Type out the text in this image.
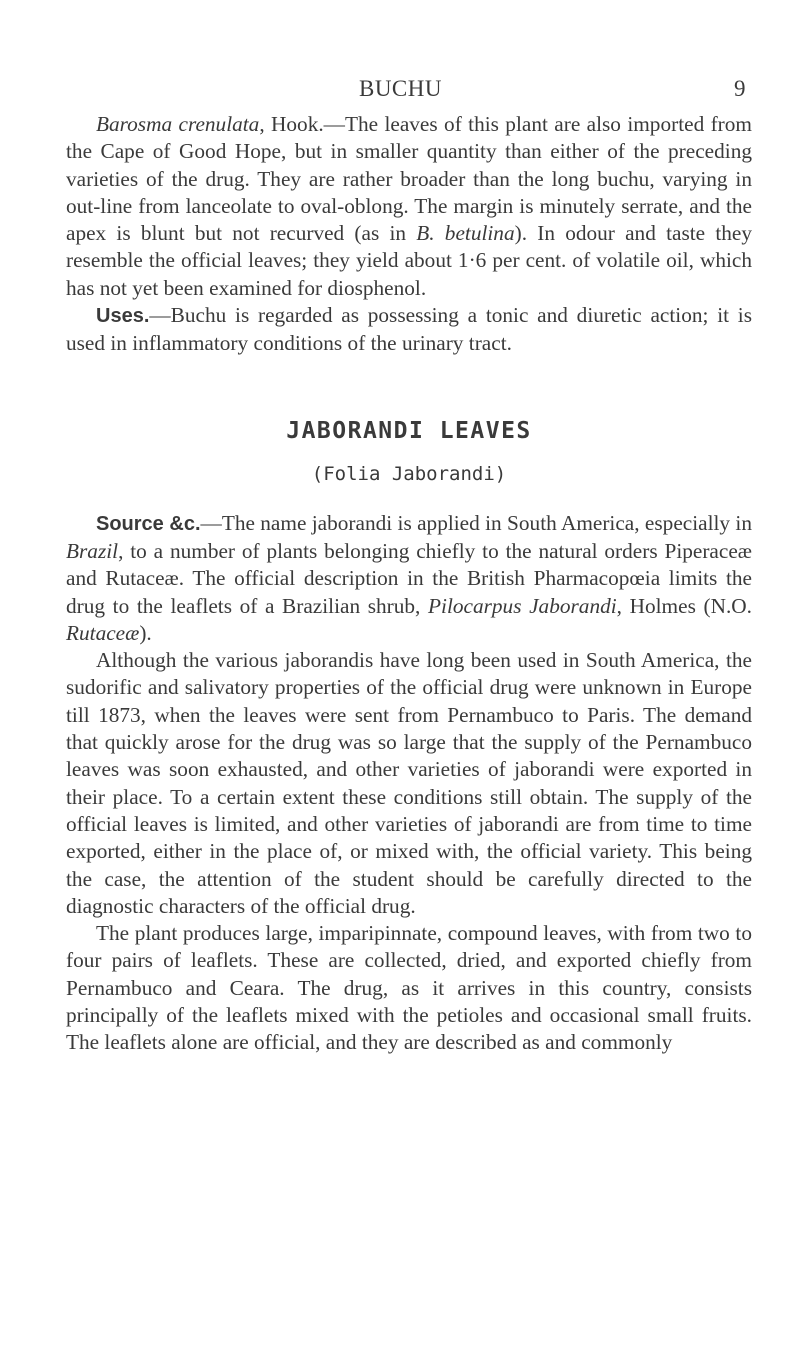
BUCHU	9

Barosma crenulata, Hook.—The leaves of this plant are also imported from the Cape of Good Hope, but in smaller quantity than either of the preceding varieties of the drug. They are rather broader than the long buchu, varying in out-line from lanceolate to oval-oblong. The margin is minutely serrate, and the apex is blunt but not recurved (as in B. betulina). In odour and taste they resemble the official leaves; they yield about 1·6 per cent. of volatile oil, which has not yet been examined for diosphenol.

Uses.—Buchu is regarded as possessing a tonic and diuretic action; it is used in inflammatory conditions of the urinary tract.

JABORANDI LEAVES
(Folia Jaborandi)

Source &c.—The name jaborandi is applied in South America, especially in Brazil, to a number of plants belonging chiefly to the natural orders Piperaceæ and Rutaceæ. The official description in the British Pharmacopœia limits the drug to the leaflets of a Brazilian shrub, Pilocarpus Jaborandi, Holmes (N.O. Rutaceæ).

Although the various jaborandis have long been used in South America, the sudorific and salivatory properties of the official drug were unknown in Europe till 1873, when the leaves were sent from Pernambuco to Paris. The demand that quickly arose for the drug was so large that the supply of the Pernambuco leaves was soon exhausted, and other varieties of jaborandi were exported in their place. To a certain extent these conditions still obtain. The supply of the official leaves is limited, and other varieties of jaborandi are from time to time exported, either in the place of, or mixed with, the official variety. This being the case, the attention of the student should be carefully directed to the diagnostic characters of the official drug.

The plant produces large, imparipinnate, compound leaves, with from two to four pairs of leaflets. These are collected, dried, and exported chiefly from Pernambuco and Ceara. The drug, as it arrives in this country, consists principally of the leaflets mixed with the petioles and occasional small fruits. The leaflets alone are official, and they are described as and commonly
